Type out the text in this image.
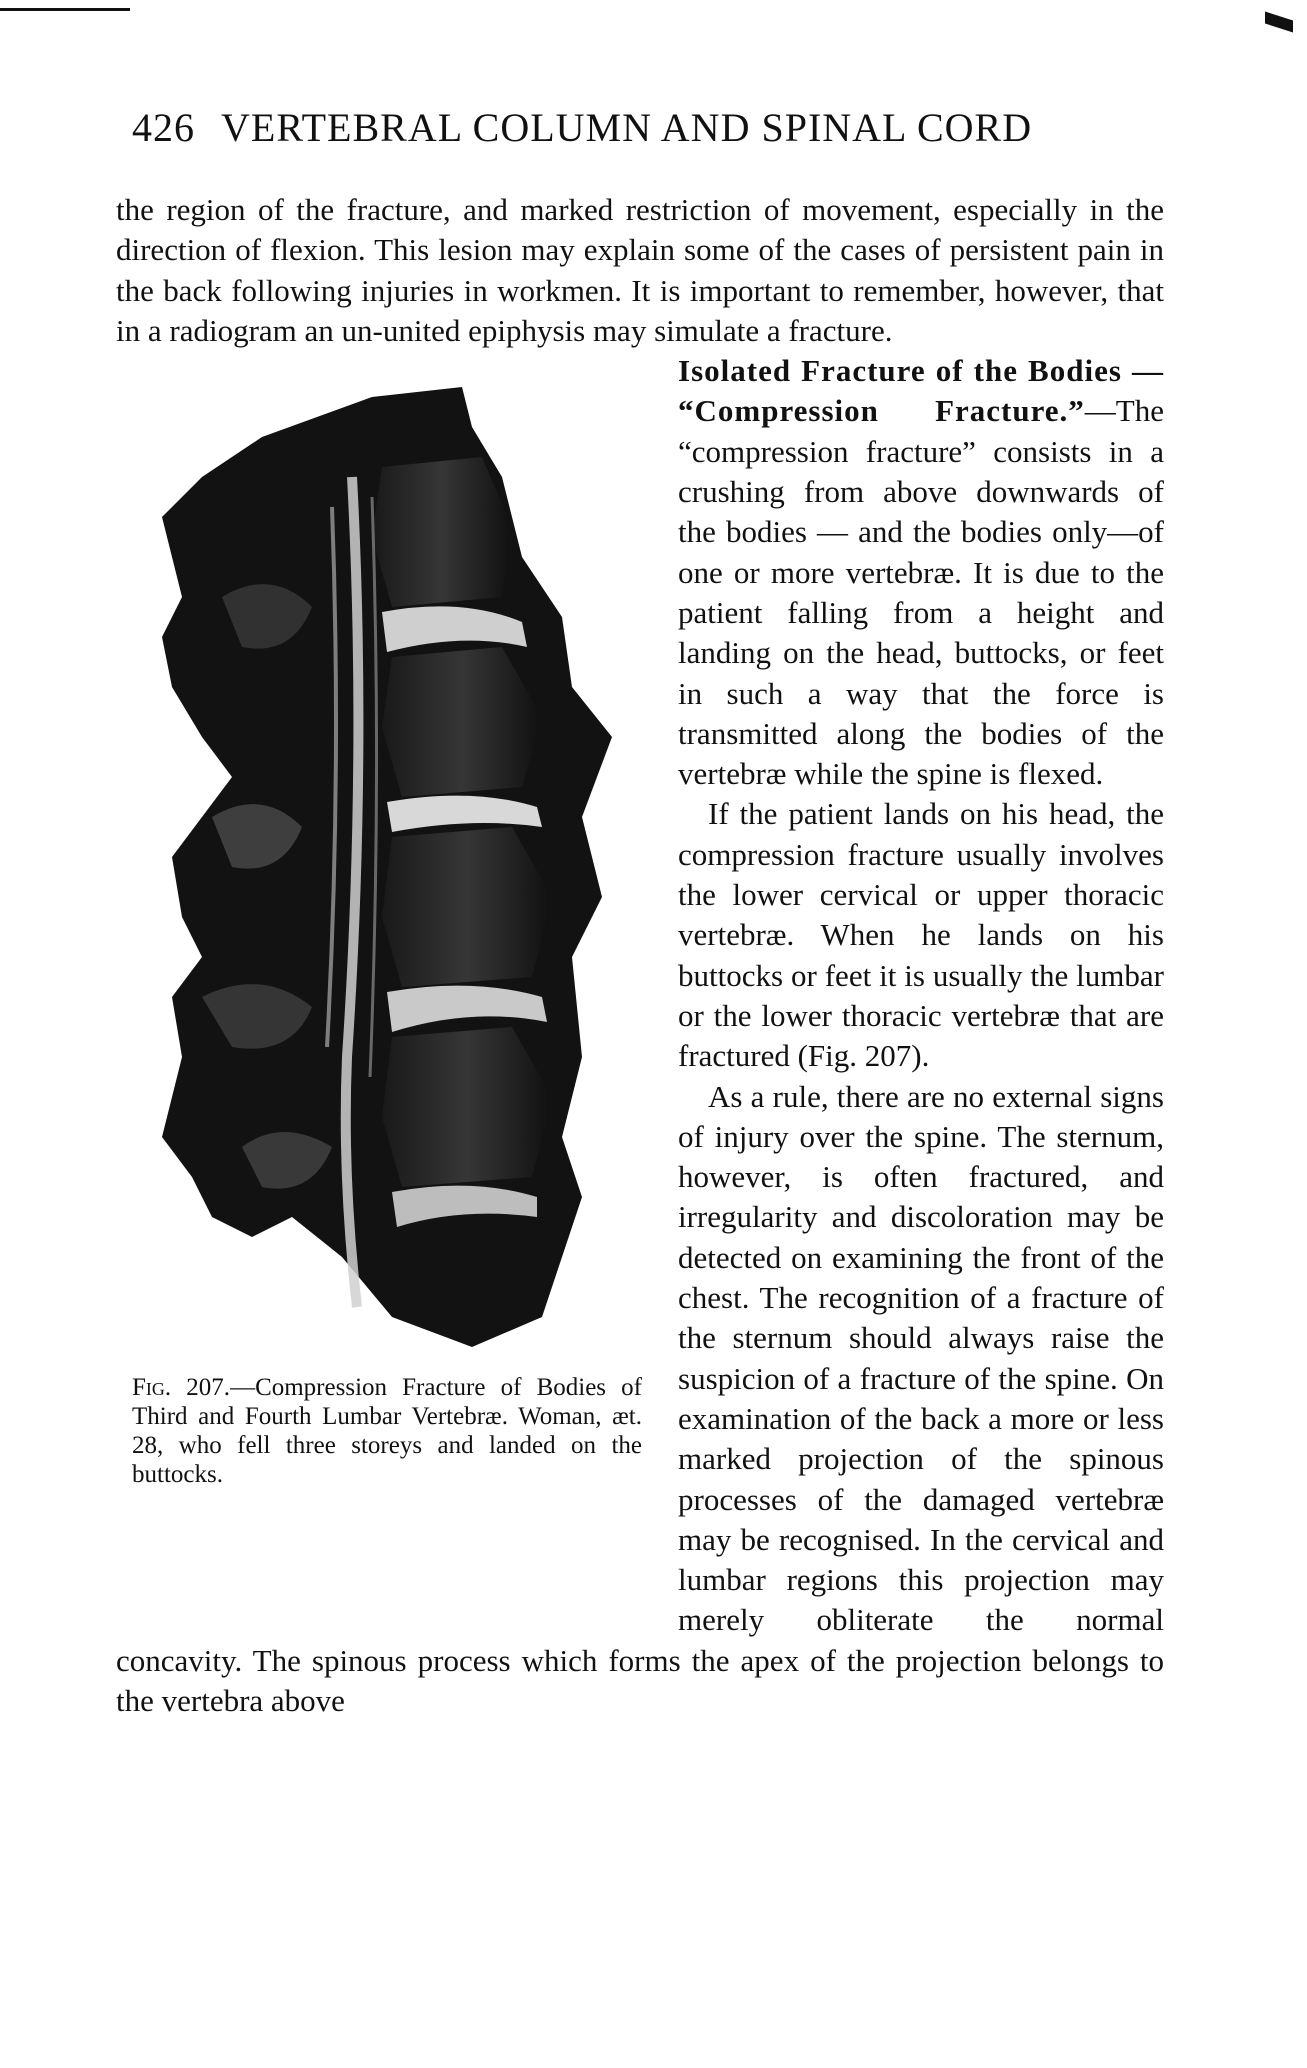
426 VERTEBRAL COLUMN AND SPINAL CORD

the region of the fracture, and marked restriction of movement, especially in the direction of flexion. This lesion may explain some of the cases of persistent pain in the back following injuries in workmen. It is important to remember, however, that in a radiogram an un-united epiphysis may simulate a fracture.

Fig. 207.—Compression Fracture of Bodies of Third and Fourth Lumbar Vertebræ. Woman, æt. 28, who fell three storeys and landed on the buttocks.

Isolated Fracture of the Bodies — “Compression Fracture.”—The “compression fracture” consists in a crushing from above downwards of the bodies — and the bodies only—of one or more vertebræ. It is due to the patient falling from a height and landing on the head, buttocks, or feet in such a way that the force is transmitted along the bodies of the vertebræ while the spine is flexed.

If the patient lands on his head, the compression fracture usually involves the lower cervical or upper thoracic vertebræ. When he lands on his buttocks or feet it is usually the lumbar or the lower thoracic vertebræ that are fractured (Fig. 207).

As a rule, there are no external signs of injury over the spine. The sternum, however, is often fractured, and irregularity and discoloration may be detected on examining the front of the chest. The recognition of a fracture of the sternum should always raise the suspicion of a fracture of the spine. On examination of the back a more or less marked projection of the spinous processes of the damaged vertebræ may be recognised. In the cervical and lumbar regions this projection may merely obliterate the normal concavity. The spinous process which forms the apex of the projection belongs to the vertebra above
